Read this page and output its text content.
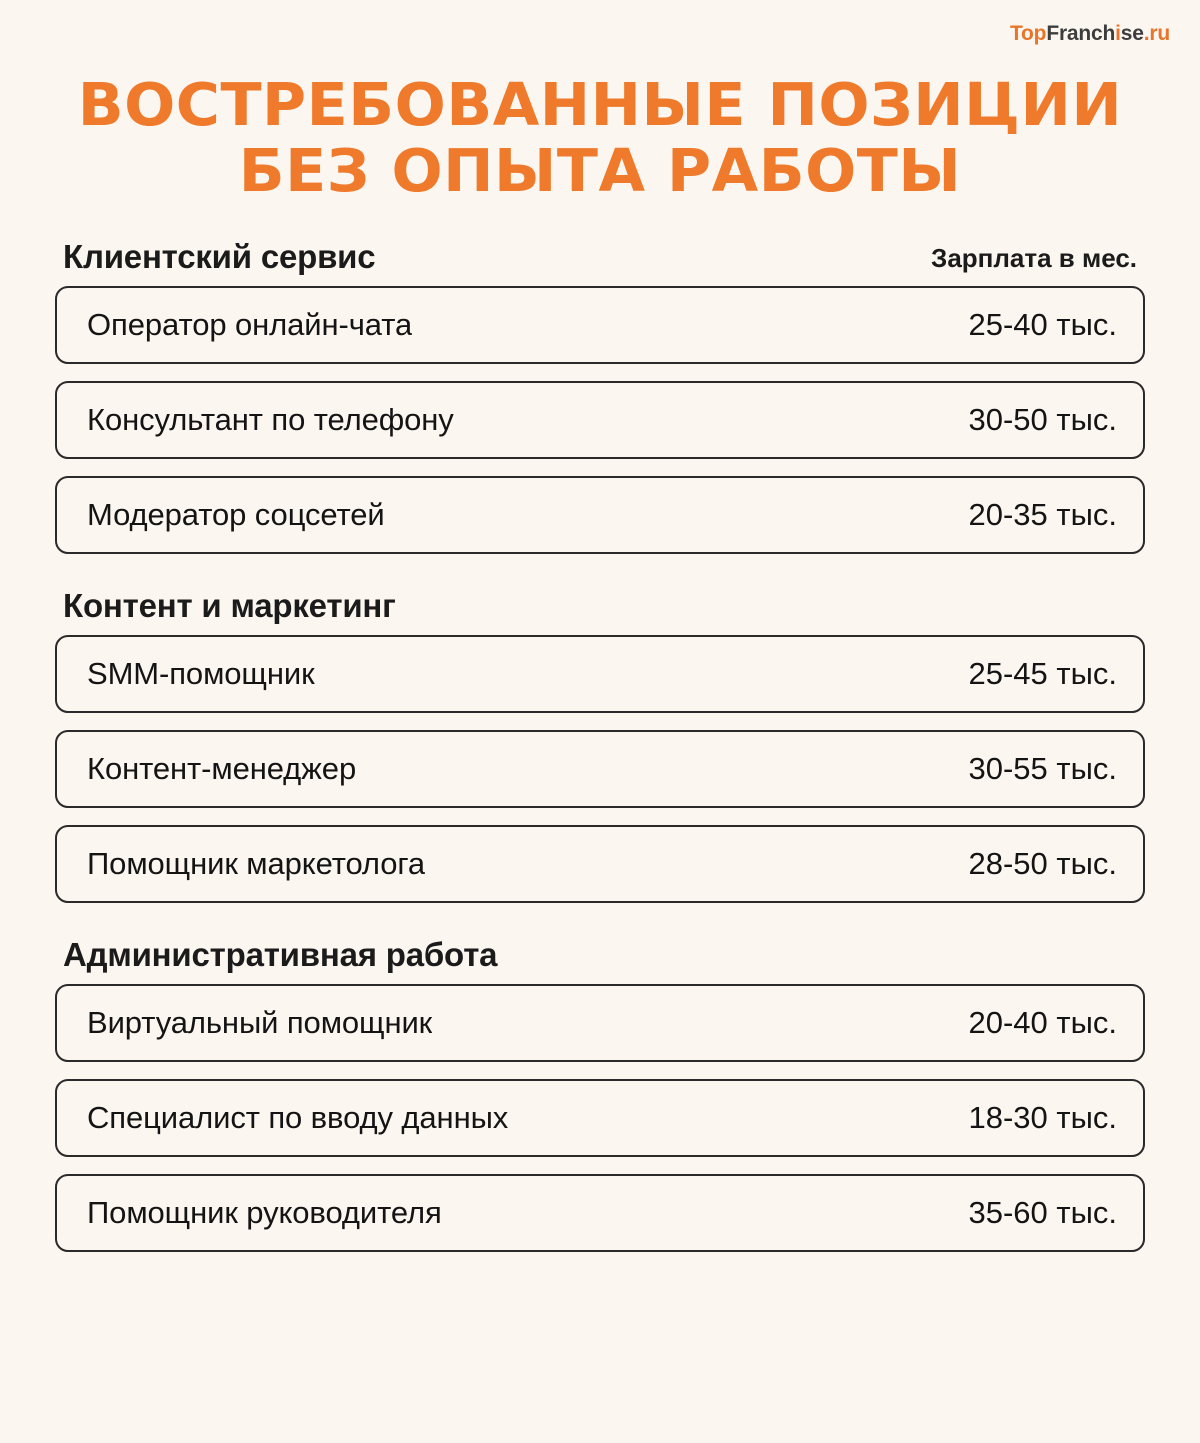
TopFranchise.ru
ВОСТРЕБОВАННЫЕ ПОЗИЦИИ
БЕЗ ОПЫТА РАБОТЫ
Клиентский сервис	Зарплата в мес.
Оператор онлайн-чата	25-40 тыс.
Консультант по телефону	30-50 тыс.
Модератор соцсетей	20-35 тыс.
Контент и маркетинг
SMM-помощник	25-45 тыс.
Контент-менеджер	30-55 тыс.
Помощник маркетолога	28-50 тыс.
Административная работа
Виртуальный помощник	20-40 тыс.
Специалист по вводу данных	18-30 тыс.
Помощник руководителя	35-60 тыс.
